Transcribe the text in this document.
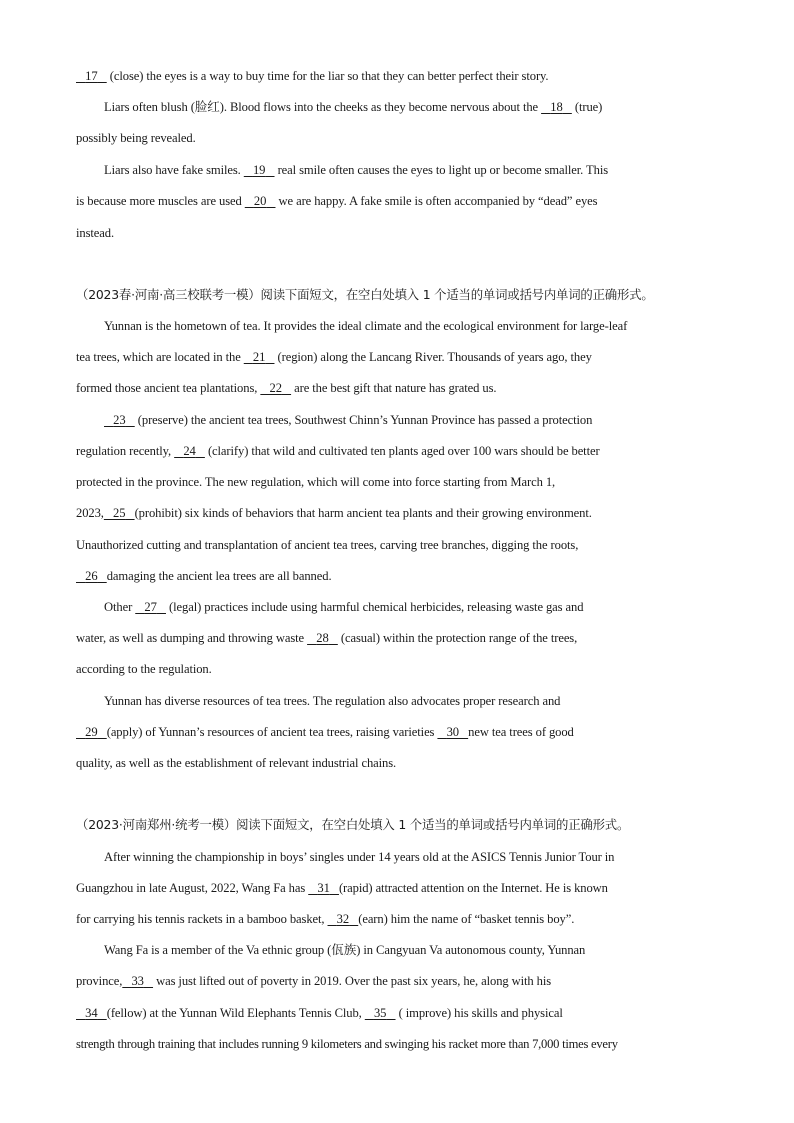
17 (close) the eyes is a way to buy time for the liar so that they can better perfect their story.
Liars often blush (脸红). Blood flows into the cheeks as they become nervous about the 18 (true)
possibly being revealed.
Liars also have fake smiles. 19 real smile often causes the eyes to light up or become smaller. This
is because more muscles are used 20 we are happy. A fake smile is often accompanied by “dead” eyes
instead.
（2023春·河南·高三校联考一模）阅读下面短文，在空白处填入 1 个适当的单词或括号内单词的正确形式。
Yunnan is the hometown of tea. It provides the ideal climate and the ecological environment for large-leaf
tea trees, which are located in the 21 (region) along the Lancang River. Thousands of years ago, they
formed those ancient tea plantations, 22 are the best gift that nature has grated us.
23 (preserve) the ancient tea trees, Southwest Chinn’s Yunnan Province has passed a protection
regulation recently, 24 (clarify) that wild and cultivated ten plants aged over 100 wars should be better
protected in the province. The new regulation, which will come into force starting from March 1,
2023, 25 (prohibit) six kinds of behaviors that harm ancient tea plants and their growing environment.
Unauthorized cutting and transplantation of ancient tea trees, carving tree branches, digging the roots,
26 damaging the ancient lea trees are all banned.
Other 27 (legal) practices include using harmful chemical herbicides, releasing waste gas and
water, as well as dumping and throwing waste 28 (casual) within the protection range of the trees,
according to the regulation.
Yunnan has diverse resources of tea trees. The regulation also advocates proper research and
29 (apply) of Yunnan’s resources of ancient tea trees, raising varieties 30 new tea trees of good
quality, as well as the establishment of relevant industrial chains.
（2023·河南郑州·统考一模）阅读下面短文，在空白处填入 1 个适当的单词或括号内单词的正确形式。
After winning the championship in boys’ singles under 14 years old at the ASICS Tennis Junior Tour in
Guangzhou in late August, 2022, Wang Fa has 31 (rapid) attracted attention on the Internet. He is known
for carrying his tennis rackets in a bamboo basket, 32 (earn) him the name of “basket tennis boy”.
Wang Fa is a member of the Va ethnic group (佤族) in Cangyuan Va autonomous county, Yunnan
province, 33 was just lifted out of poverty in 2019. Over the past six years, he, along with his
34 (fellow) at the Yunnan Wild Elephants Tennis Club, 35 ( improve) his skills and physical
strength through training that includes running 9 kilometers and swinging his racket more than 7,000 times every
